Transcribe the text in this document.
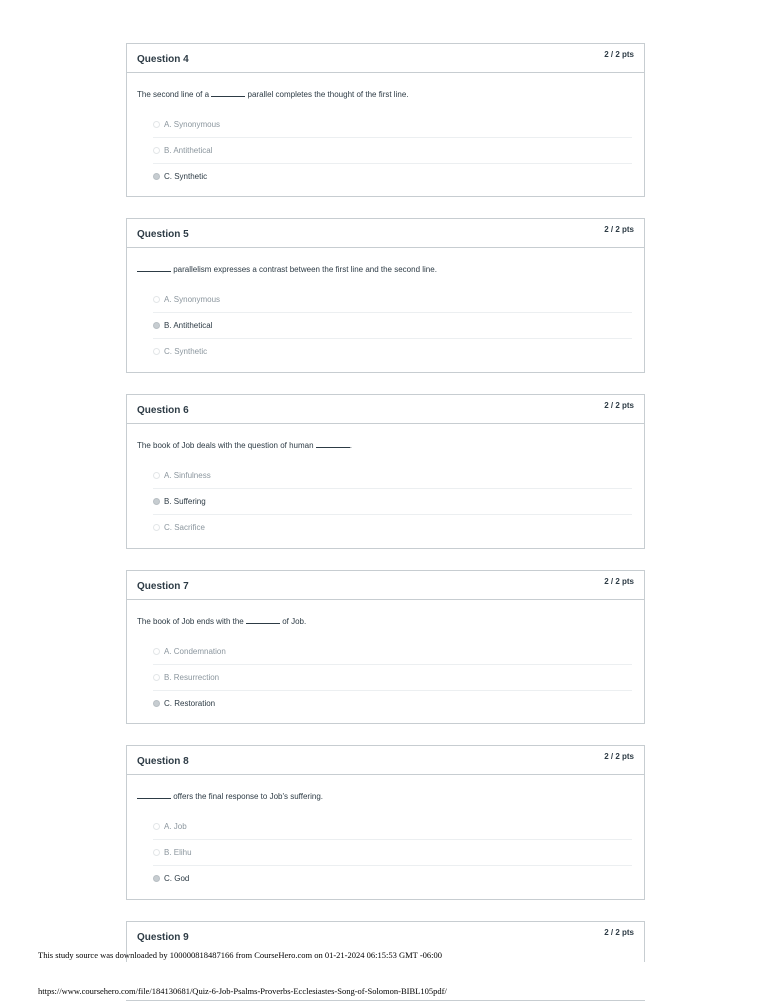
Question 4	2 / 2 pts
The second line of a	parallel completes the thought of the first line.
A. Synonymous
B. Antithetical
C. Synthetic
Question 5	2 / 2 pts
parallelism expresses a contrast between the first line and the second line.
A. Synonymous
B. Antithetical
C. Synthetic
Question 6	2 / 2 pts
The book of Job deals with the question of human	.
A. Sinfulness
B. Suffering
C. Sacrifice
Question 7	2 / 2 pts
The book of Job ends with the	of Job.
A. Condemnation
B. Resurrection
C. Restoration
Question 8	2 / 2 pts
offers the final response to Job's suffering.
A. Job
B. Elihu
C. God
Question 9	2 / 2 pts
This study source was downloaded by 100000818487166 from CourseHero.com on 01-21-2024 06:15:53 GMT -06:00
https://www.coursehero.com/file/184130681/Quiz-6-Job-Psalms-Proverbs-Ecclesiastes-Song-of-Solomon-BIBL105pdf/
